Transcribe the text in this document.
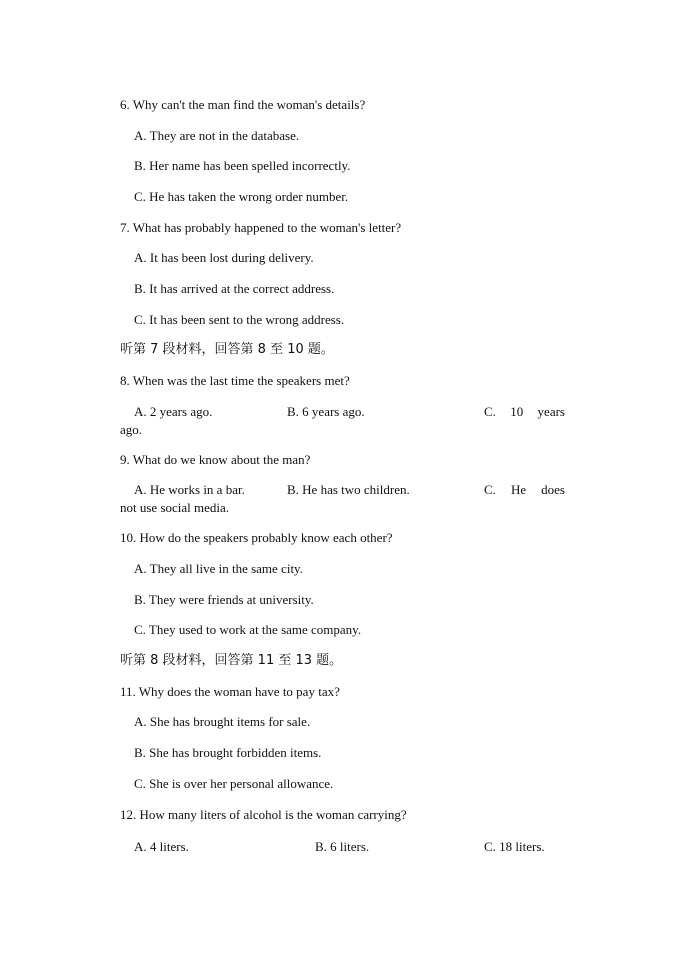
6. Why can't the man find the woman's details?
A. They are not in the database.
B. Her name has been spelled incorrectly.
C. He has taken the wrong order number.
7. What has probably happened to the woman's letter?
A. It has been lost during delivery.
B. It has arrived at the correct address.
C. It has been sent to the wrong address.
听第 7 段材料，回答第 8 至 10 题。
8. When was the last time the speakers met?
A. 2 years ago.	B. 6 years ago.	C. 10 years
ago.
9. What do we know about the man?
A. He works in a bar.	B. He has two children.	C. He does
not use social media.
10. How do the speakers probably know each other?
A. They all live in the same city.
B. They were friends at university.
C. They used to work at the same company.
听第 8 段材料，回答第 11 至 13 题。
11. Why does the woman have to pay tax?
A. She has brought items for sale.
B. She has brought forbidden items.
C. She is over her personal allowance.
12. How many liters of alcohol is the woman carrying?
A. 4 liters.	B. 6 liters.	C. 18 liters.
